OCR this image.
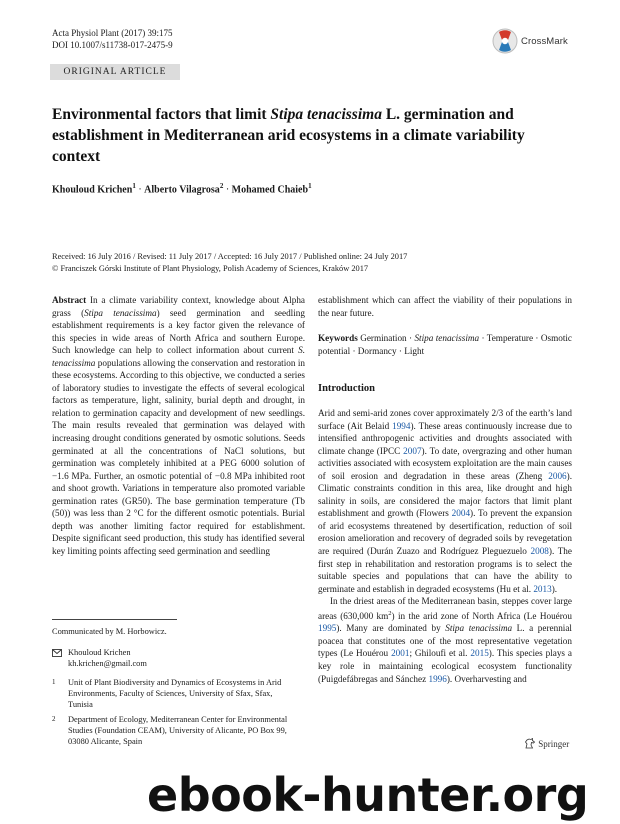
Acta Physiol Plant (2017) 39:175
DOI 10.1007/s11738-017-2475-9	CrossMark
ORIGINAL ARTICLE
Environmental factors that limit Stipa tenacissima L. germination and establishment in Mediterranean arid ecosystems in a climate variability context
Khouloud Krichen$^1$ · Alberto Vilagrosa$^2$ · Mohamed Chaieb$^1$
Received: 16 July 2016 / Revised: 11 July 2017 / Accepted: 16 July 2017 / Published online: 24 July 2017
© Franciszek Górski Institute of Plant Physiology, Polish Academy of Sciences, Kraków 2017

Abstract In a climate variability context, knowledge about Alpha grass (Stipa tenacissima) seed germination and seedling establishment requirements is a key factor given the relevance of this species in wide areas of North Africa and southern Europe. Such knowledge can help to collect information about current S. tenacissima populations allowing the conservation and restoration in these ecosystems. According to this objective, we conducted a series of laboratory studies to investigate the effects of several ecological factors as temperature, light, salinity, burial depth and drought, in relation to germination capacity and development of new seedlings. The main results revealed that germination was delayed with increasing drought conditions generated by osmotic solutions. Seeds germinated at all the concentrations of NaCl solutions, but germination was completely inhibited at a PEG 6000 solution of −1.6 MPa. Further, an osmotic potential of −0.8 MPa inhibited root and shoot growth. Variations in temperature also promoted variable germination rates (GR50). The base germination temperature (Tb (50)) was less than 2 °C for the different osmotic potentials. Burial depth was another limiting factor required for establishment. Despite significant seed production, this study has identified several key limiting points affecting seed germination and seedling

Communicated by M. Horbowicz.
Khouloud Krichen
kh.krichen@gmail.com
1 Unit of Plant Biodiversity and Dynamics of Ecosystems in Arid Environments, Faculty of Sciences, University of Sfax, Sfax, Tunisia
2 Department of Ecology, Mediterranean Center for Environmental Studies (Foundation CEAM), University of Alicante, PO Box 99, 03080 Alicante, Spain

establishment which can affect the viability of their populations in the near future.

Keywords Germination · Stipa tenacissima · Temperature · Osmotic potential · Dormancy · Light

Introduction

Arid and semi-arid zones cover approximately 2/3 of the earth’s land surface (Ait Belaid 1994). These areas continuously increase due to intensified anthropogenic activities and droughts associated with climate change (IPCC 2007). To date, overgrazing and other human activities associated with ecosystem exploitation are the main causes of soil erosion and degradation in these areas (Zheng 2006). Climatic constraints condition in this area, like drought and high salinity in soils, are considered the major factors that limit plant establishment and growth (Flowers 2004). To prevent the expansion of arid ecosystems threatened by desertification, reduction of soil erosion amelioration and recovery of degraded soils by revegetation are required (Durán Zuazo and Rodríguez Pleguezuelo 2008). The first step in rehabilitation and restoration programs is to select the suitable species and populations that can have the ability to germinate and establish in degraded ecosystems (Hu et al. 2013).

In the driest areas of the Mediterranean basin, steppes cover large areas (630,000 $km^2$) in the arid zone of North Africa (Le Houérou 1995). Many are dominated by Stipa tenacissima L. a perennial poacea that constitutes one of the most representative vegetation types (Le Houérou 2001; Ghiloufi et al. 2015). This species plays a key role in maintaining ecological ecosystem functionality (Puigdefábregas and Sánchez 1996). Overharvesting and

Springer
ebook-hunter.org
